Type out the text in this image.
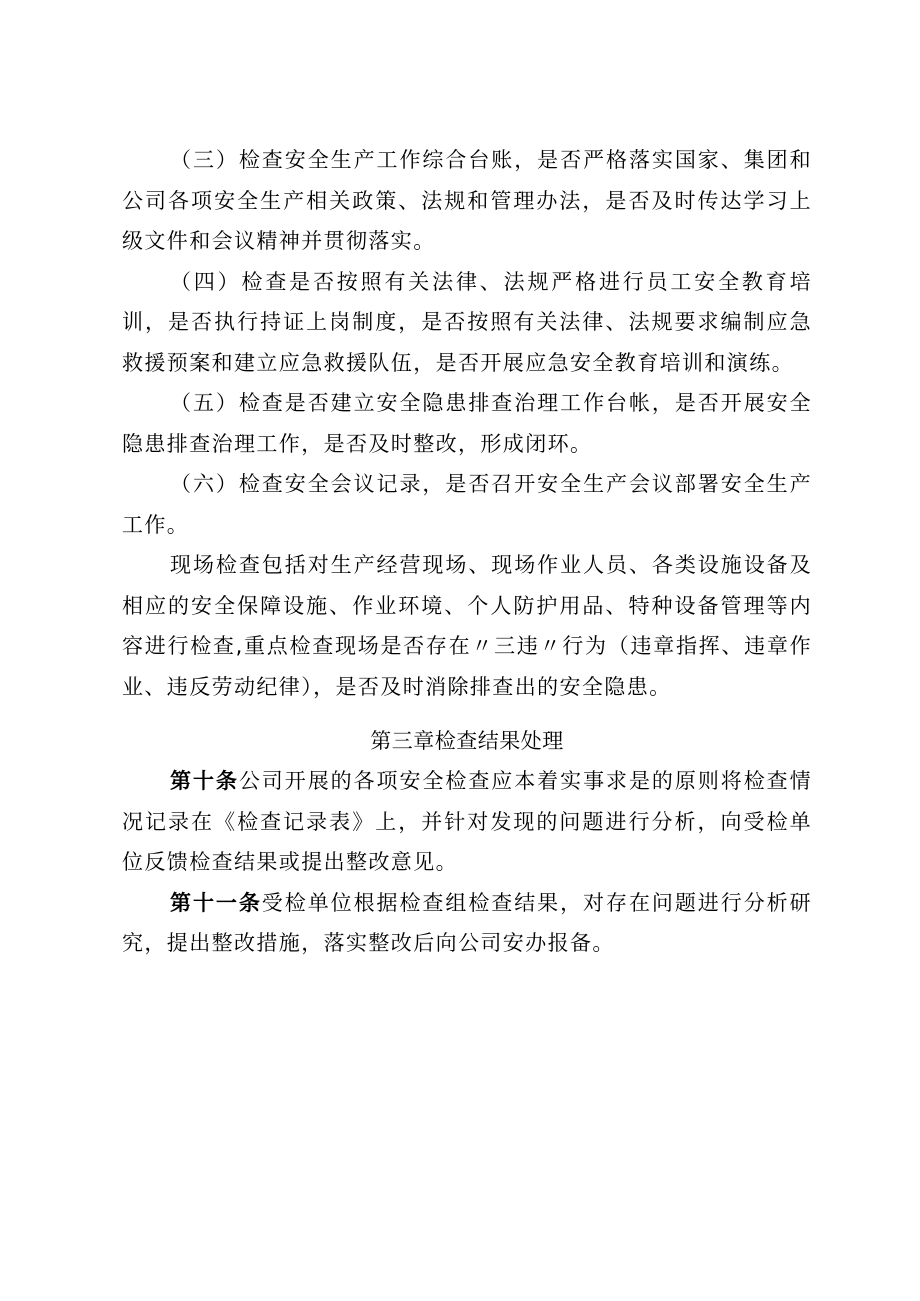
（三）检查安全生产工作综合台账，是否严格落实国家、集团和公司各项安全生产相关政策、法规和管理办法，是否及时传达学习上级文件和会议精神并贯彻落实。

（四）检查是否按照有关法律、法规严格进行员工安全教育培训，是否执行持证上岗制度，是否按照有关法律、法规要求编制应急救援预案和建立应急救援队伍，是否开展应急安全教育培训和演练。

（五）检查是否建立安全隐患排查治理工作台帐，是否开展安全隐患排查治理工作，是否及时整改，形成闭环。

（六）检查安全会议记录，是否召开安全生产会议部署安全生产工作。

现场检查包括对生产经营现场、现场作业人员、各类设施设备及相应的安全保障设施、作业环境、个人防护用品、特种设备管理等内容进行检查,重点检查现场是否存在〃三违〃行为（违章指挥、违章作业、违反劳动纪律），是否及时消除排查出的安全隐患。

第三章检查结果处理

第十条公司开展的各项安全检查应本着实事求是的原则将检查情况记录在《检查记录表》上，并针对发现的问题进行分析，向受检单位反馈检查结果或提出整改意见。

第十一条受检单位根据检查组检查结果，对存在问题进行分析研究，提出整改措施，落实整改后向公司安办报备。
